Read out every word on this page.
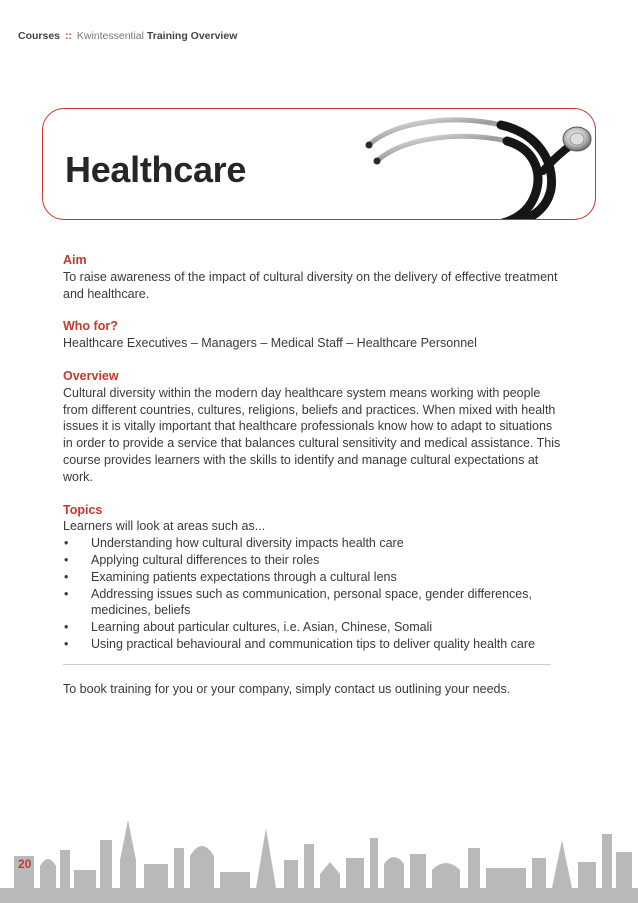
Courses :: Kwintessential Training Overview
Healthcare

Aim

To raise awareness of the impact of cultural diversity on the delivery of effective treatment and healthcare.

Who for?

Healthcare Executives – Managers – Medical Staff – Healthcare Personnel

Overview

Cultural diversity within the modern day healthcare system means working with people from different countries, cultures, religions, beliefs and practices. When mixed with health issues it is vitally important that healthcare professionals know how to adapt to situations in order to provide a service that balances cultural sensitivity and medical assistance. This course provides learners with the skills to identify and manage cultural expectations at work.

Topics

Learners will look at areas such as...

• Understanding how cultural diversity impacts health care
• Applying cultural differences to their roles
• Examining patients expectations through a cultural lens
• Addressing issues such as communication, personal space, gender differences, medicines, beliefs
• Learning about particular cultures, i.e. Asian, Chinese, Somali
• Using practical behavioural and communication tips to deliver quality health care
To book training for you or your company, simply contact us outlining your needs.
20
